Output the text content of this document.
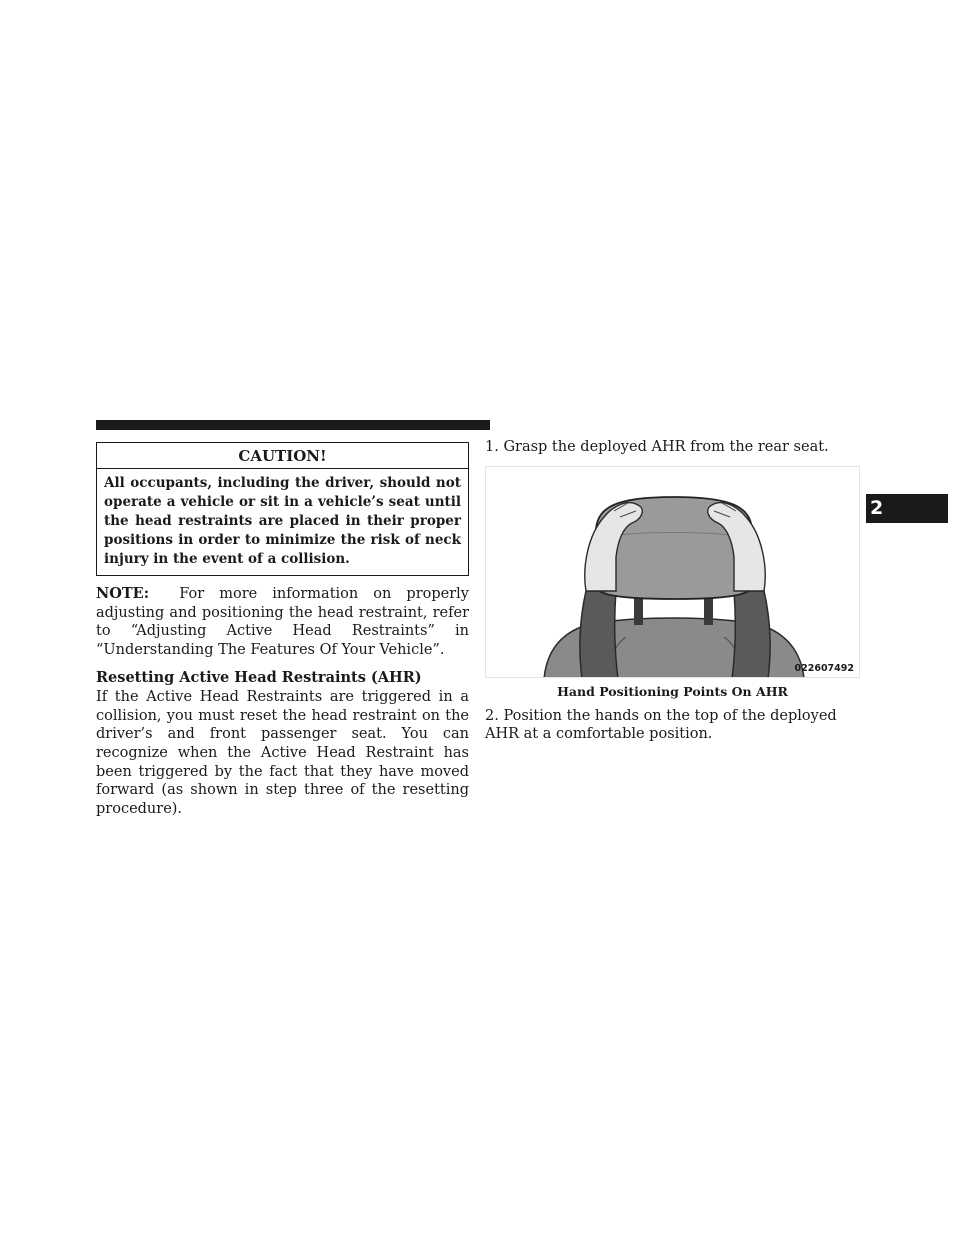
2
CAUTION!
All occupants, including the driver, should not operate a vehicle or sit in a vehicle’s seat until the head restraints are placed in their proper positions in order to minimize the risk of neck injury in the event of a collision.

NOTE: For more information on properly adjusting and positioning the head restraint, refer to “Adjusting Active Head Restraints” in “Understanding The Features Of Your Vehicle”.

Resetting Active Head Restraints (AHR)

If the Active Head Restraints are triggered in a collision, you must reset the head restraint on the driver’s and front passenger seat. You can recognize when the Active Head Restraint has been triggered by the fact that they have moved forward (as shown in step three of the resetting procedure).

1. Grasp the deployed AHR from the rear seat.

022607492
Hand Positioning Points On AHR

2. Position the hands on the top of the deployed AHR at a comfortable position.
